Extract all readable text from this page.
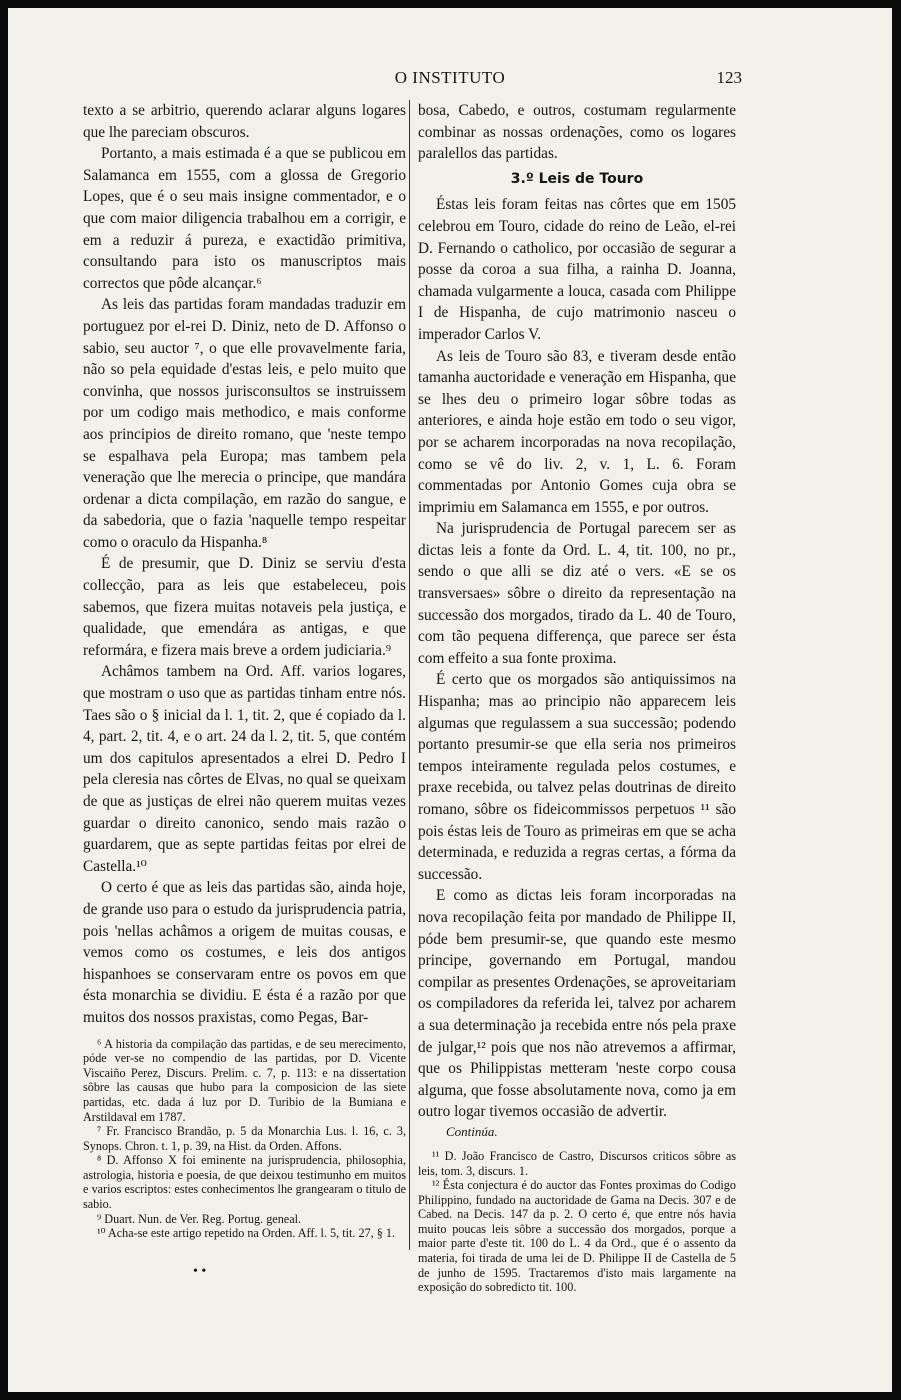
O INSTITUTO	123

texto a se arbitrio, querendo aclarar alguns logares que lhe pareciam obscuros.

Portanto, a mais estimada é a que se publicou em Salamanca em 1555, com a glossa de Gregorio Lopes, que é o seu mais insigne commentador, e o que com maior diligencia trabalhou em a corrigir, e em a reduzir á pureza, e exactidão primitiva, consultando para isto os manuscriptos mais correctos que pôde alcançar.⁶

As leis das partidas foram mandadas traduzir em portuguez por el-rei D. Diniz, neto de D. Affonso o sabio, seu auctor ⁷, o que elle provavelmente faria, não so pela equidade d'estas leis, e pelo muito que convinha, que nossos jurisconsultos se instruissem por um codigo mais methodico, e mais conforme aos principios de direito romano, que 'neste tempo se espalhava pela Europa; mas tambem pela veneração que lhe merecia o principe, que mandára ordenar a dicta compilação, em razão do sangue, e da sabedoria, que o fazia 'naquelle tempo respeitar como o oraculo da Hispanha.⁸

É de presumir, que D. Diniz se serviu d'esta collecção, para as leis que estabeleceu, pois sabemos, que fizera muitas notaveis pela justiça, e qualidade, que emendára as antigas, e que reformára, e fizera mais breve a ordem judiciaria.⁹

Achâmos tambem na Ord. Aff. varios logares, que mostram o uso que as partidas tinham entre nós. Taes são o § inicial da l. 1, tit. 2, que é copiado da l. 4, part. 2, tit. 4, e o art. 24 da l. 2, tit. 5, que contém um dos capitulos apresentados a elrei D. Pedro I pela cleresia nas côrtes de Elvas, no qual se queixam de que as justiças de elrei não querem muitas vezes guardar o direito canonico, sendo mais razão o guardarem, que as septe partidas feitas por elrei de Castella.¹⁰

O certo é que as leis das partidas são, ainda hoje, de grande uso para o estudo da jurisprudencia patria, pois 'nellas achâmos a origem de muitas cousas, e vemos como os costumes, e leis dos antigos hispanhoes se conservaram entre os povos em que ésta monarchia se dividiu. E ésta é a razão por que muitos dos nossos praxistas, como Pegas, Bar-

⁶ A historia da compilação das partidas, e de seu merecimento, póde ver-se no compendio de las partidas, por D. Vicente Viscaiño Perez, Discurs. Prelim. c. 7, p. 113: e na dissertation sôbre las causas que hubo para la composicion de las siete partidas, etc. dada á luz por D. Turibio de la Bumiana e Arstildaval em 1787.

⁷ Fr. Francisco Brandão, p. 5 da Monarchia Lus. l. 16, c. 3, Synops. Chron. t. 1, p. 39, na Hist. da Orden. Affons.

⁸ D. Affonso X foi eminente na jurisprudencia, philosophia, astrologia, historia e poesia, de que deixou testimunho em muitos e varios escriptos: estes conhecimentos lhe grangearam o titulo de sabio.

⁹ Duart. Nun. de Ver. Reg. Portug. geneal.

¹⁰ Acha-se este artigo repetido na Orden. Aff. l. 5, tit. 27, § 1.

bosa, Cabedo, e outros, costumam regularmente combinar as nossas ordenações, como os logares paralellos das partidas.

3.º Leis de Touro

Éstas leis foram feitas nas côrtes que em 1505 celebrou em Touro, cidade do reino de Leão, el-rei D. Fernando o catholico, por occasião de segurar a posse da coroa a sua filha, a rainha D. Joanna, chamada vulgarmente a louca, casada com Philippe I de Hispanha, de cujo matrimonio nasceu o imperador Carlos V.

As leis de Touro são 83, e tiveram desde então tamanha auctoridade e veneração em Hispanha, que se lhes deu o primeiro logar sôbre todas as anteriores, e ainda hoje estão em todo o seu vigor, por se acharem incorporadas na nova recopilação, como se vê do liv. 2, v. 1, L. 6. Foram commentadas por Antonio Gomes cuja obra se imprimiu em Salamanca em 1555, e por outros.

Na jurisprudencia de Portugal parecem ser as dictas leis a fonte da Ord. L. 4, tit. 100, no pr., sendo o que alli se diz até o vers. «E se os transversaes» sôbre o direito da representação na successão dos morgados, tirado da L. 40 de Touro, com tão pequena differença, que parece ser ésta com effeito a sua fonte proxima.

É certo que os morgados são antiquissimos na Hispanha; mas ao principio não apparecem leis algumas que regulassem a sua successão; podendo portanto presumir-se que ella seria nos primeiros tempos inteiramente regulada pelos costumes, e praxe recebida, ou talvez pelas doutrinas de direito romano, sôbre os fideicommissos perpetuos ¹¹ são pois éstas leis de Touro as primeiras em que se acha determinada, e reduzida a regras certas, a fórma da successão.

E como as dictas leis foram incorporadas na nova recopilação feita por mandado de Philippe II, póde bem presumir-se, que quando este mesmo principe, governando em Portugal, mandou compilar as presentes Ordenações, se aproveitariam os compiladores da referida lei, talvez por acharem a sua determinação ja recebida entre nós pela praxe de julgar,¹² pois que nos não atrevemos a affirmar, que os Philippistas metteram 'neste corpo cousa alguma, que fosse absolutamente nova, como ja em outro logar tivemos occasião de advertir.

Continúa.

¹¹ D. João Francisco de Castro, Discursos criticos sôbre as leis, tom. 3, discurs. 1.

¹² Ésta conjectura é do auctor das Fontes proximas do Codigo Philippino, fundado na auctoridade de Gama na Decis. 307 e de Cabed. na Decis. 147 da p. 2. O certo é, que entre nós havia muito poucas leis sôbre a successão dos morgados, porque a maior parte d'este tit. 100 do L. 4 da Ord., que é o assento da materia, foi tirada de uma lei de D. Philippe II de Castella de 5 de junho de 1595. Tractaremos d'isto mais largamente na exposição do sobredicto tit. 100.

• •
